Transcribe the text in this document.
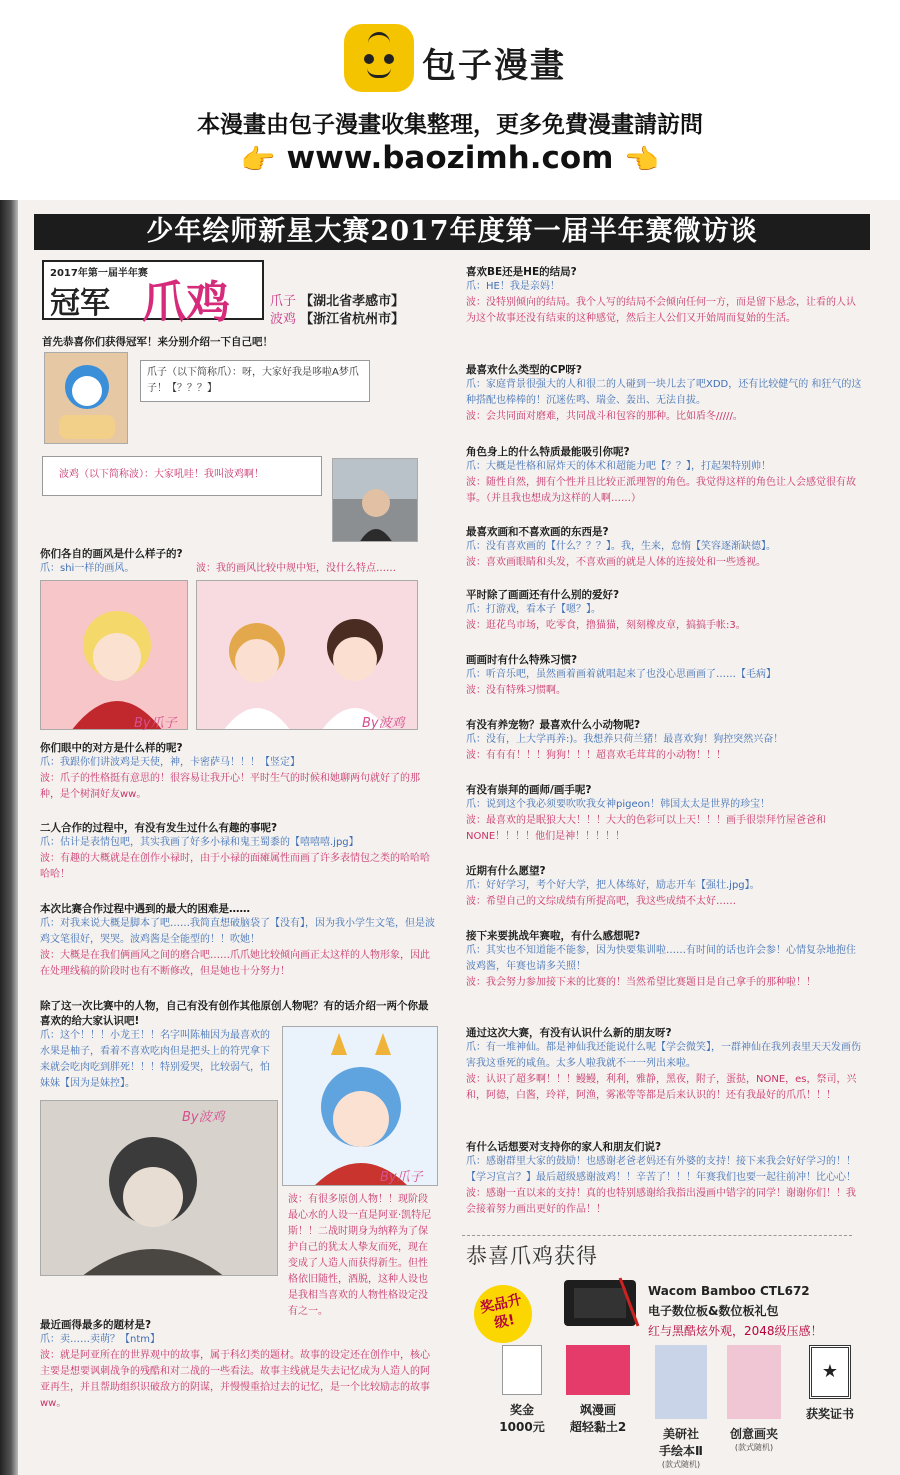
包子漫畫
本漫畫由包子漫畫收集整理，更多免費漫畫請訪問
👉 www.baozimh.com 👈
少年绘师新星大赛2017年度第一届半年赛微访谈
2017年第一届半年赛
冠军 爪鸡	爪子 【湖北省孝感市】
波鸡 【浙江省杭州市】
首先恭喜你们获得冠军！来分别介绍一下自己吧！
爪子（以下简称爪）：呀，大家好我是哆啦A梦爪子！【？？？】
波鸡（以下简称波）：大家吼哇！我叫波鸡啊！
你们各自的画风是什么样子的?
爪：shi一样的画风。	波：我的画风比较中规中矩，没什么特点……
By爪子	By波鸡
你们眼中的对方是什么样的呢?
爪：我跟你们讲波鸡是天使，神，卡密萨马！！！【竖定】
波：爪子的性格挺有意思的！很容易让我开心！平时生气的时候和她聊两句就好了的那种，是个树洞好友ww。
二人合作的过程中，有没有发生过什么有趣的事呢?
爪：估计是表情包吧，其实我画了好多小禄和鬼王蜀黍的【嘻嘻嘻.jpg】
波：有趣的大概就是在创作小禄时，由于小禄的面瘫属性而画了许多表情包之类的哈哈哈哈哈！
本次比赛合作过程中遇到的最大的困难是……
爪：对我来说大概是脚本了吧……我简直想破脑袋了【没有】，因为我小学生文笔，但是波鸡文笔很好，哭哭。波鸡酱是全能型的！！吹她！
波：大概是在我们俩画风之间的磨合吧……爪爪她比较倾向画正太这样的人物形象，因此在处理线稿的阶段时也有不断修改，但是她也十分努力！
除了这一次比赛中的人物，自己有没有创作其他原创人物呢？有的话介绍一两个你最喜欢的给大家认识吧!
爪：这个！！！小龙王！！名字叫陈柚因为最喜欢的水果是柚子，看着不喜欢吃肉但是把头上的符咒拿下来就会吃肉吃到胖死！！！特别爱哭，比较弱气，怕妹妹【因为是妹控】。
By爪子
By波鸡
波：有很多原创人物！！现阶段最心水的人设一直是阿亚·凯特尼斯！！二战时期身为纳粹为了保护自己的犹太人挚友而死，现在变成了人造人而获得新生。但性格依旧随性，酒脱，这种人设也是我相当喜欢的人物性格设定没有之一。
最近画得最多的题材是?
爪：卖……卖萌？【ntm】
波：就是阿亚所在的世界观中的故事，属于科幻类的题材。故事的设定还在创作中，核心主要是想要讽刺战争的残酷和对二战的一些看法。故事主线就是失去记忆成为人造人的阿亚再生，并且帮助组织识破敌方的阴谋，并慢慢重拾过去的记忆，是一个比较励志的故事ww。
喜欢BE还是HE的结局?
爪：HE！我是亲妈！
波：没特别倾向的结局。我个人写的结局不会倾向任何一方，而是留下悬念，让看的人认为这个故事还没有结束的这种感觉，然后主人公们又开始周而复始的生活。
最喜欢什么类型的CP呀?
爪：家庭背景很强大的人和很二的人碰到一块儿去了吧XDD，还有比较健气的 和狂气的这种搭配也棒棒的！沉迷佐鸣、瑞金、轰出、无法自拔。
波：会共同面对磨难，共同战斗和包容的那种。比如盾冬/////。
角色身上的什么特质最能吸引你呢?
爪：大概是性格和屌炸天的体术和超能力吧【？？】，打起架特别帅！
波：随性自然，拥有个性并且比较正派理智的角色。我觉得这样的角色让人会感觉很有故事。（并且我也想成为这样的人啊……）
最喜欢画和不喜欢画的东西是?
爪：没有喜欢画的【什么？？？】。我，生来，怠惰【笑容逐渐缺德】。
波：喜欢画眼睛和头发，不喜欢画的就是人体的连接处和一些透视。
平时除了画画还有什么别的爱好?
爪：打游戏，看本子【嗯？】。
波：逛花鸟市场，吃零食，撸猫猫，刻刻橡皮章，搞搞手帐:3。
画画时有什么特殊习惯?
爪：听音乐吧，虽然画着画着就唱起来了也没心思画画了……【毛病】
波：没有特殊习惯啊。
有没有养宠物？最喜欢什么小动物呢?
爪：没有，上大学再养:)。我想养只荷兰猪！最喜欢狗！狗控突然兴奋！
波：有有有！！！狗狗！！！超喜欢毛茸茸的小动物！！！
有没有崇拜的画师/画手呢?
爪：说到这个我必须要吹吹我女神pigeon！韩国太太是世界的珍宝！
波：最喜欢的是眠狼大大！！！大大的色彩可以上天！！！画手很崇拜竹屋爸爸和NONE！！！！他们是神！！！！！
近期有什么愿望?
爪：好好学习，考个好大学，把人体练好，励志开车【强壮.jpg】。
波：希望自己的文综成绩有所提高吧，我这些成绩不太好……
接下来要挑战年赛啦，有什么感想呢?
爪：其实也不知道能不能参，因为快要集训啦……有时间的话也许会参！心情复杂地抱住波鸡酱，年赛也请多关照！
波：我会努力参加接下来的比赛的！当然希望比赛题目是自己拿手的那种啦！！
通过这次大赛，有没有认识什么新的朋友呀?
爪：有一堆神仙。都是神仙我还能说什么呢【学会微笑】，一群神仙在我列表里天天发画伤害我这垂死的咸鱼。太多人啦我就不一一列出来啦。
波：认识了超多啊！！！鳗鳗，利利，雅静，黑夜，附子，蛋挞，NONE，es，祭司，兴和，阿德，白酱，玲祥，阿渔，雾凇等等都是后来认识的！还有我最好的爪爪！！！
有什么话想要对支持你的家人和朋友们说?
爪：感谢群里大家的鼓励！也感谢老爸老妈还有外婆的支持！接下来我会好好学习的！！【学习宣言？】最后超级感谢波鸡！！辛苦了！！！年赛我们也要一起往前冲！比心心！
波：感谢一直以来的支持！真的也特别感谢给我指出漫画中错字的同学！谢谢你们！！我会接着努力画出更好的作品！！
恭喜爪鸡获得
奖品升级!
Wacom Bamboo CTL672
电子数位板&数位板礼包
红与黑酷炫外观，2048级压感！
奖金
1000元
飒漫画
超轻黏土2	美研社
手绘本Ⅱ
(款式随机)
创意画夹
(款式随机)
★
获奖证书
